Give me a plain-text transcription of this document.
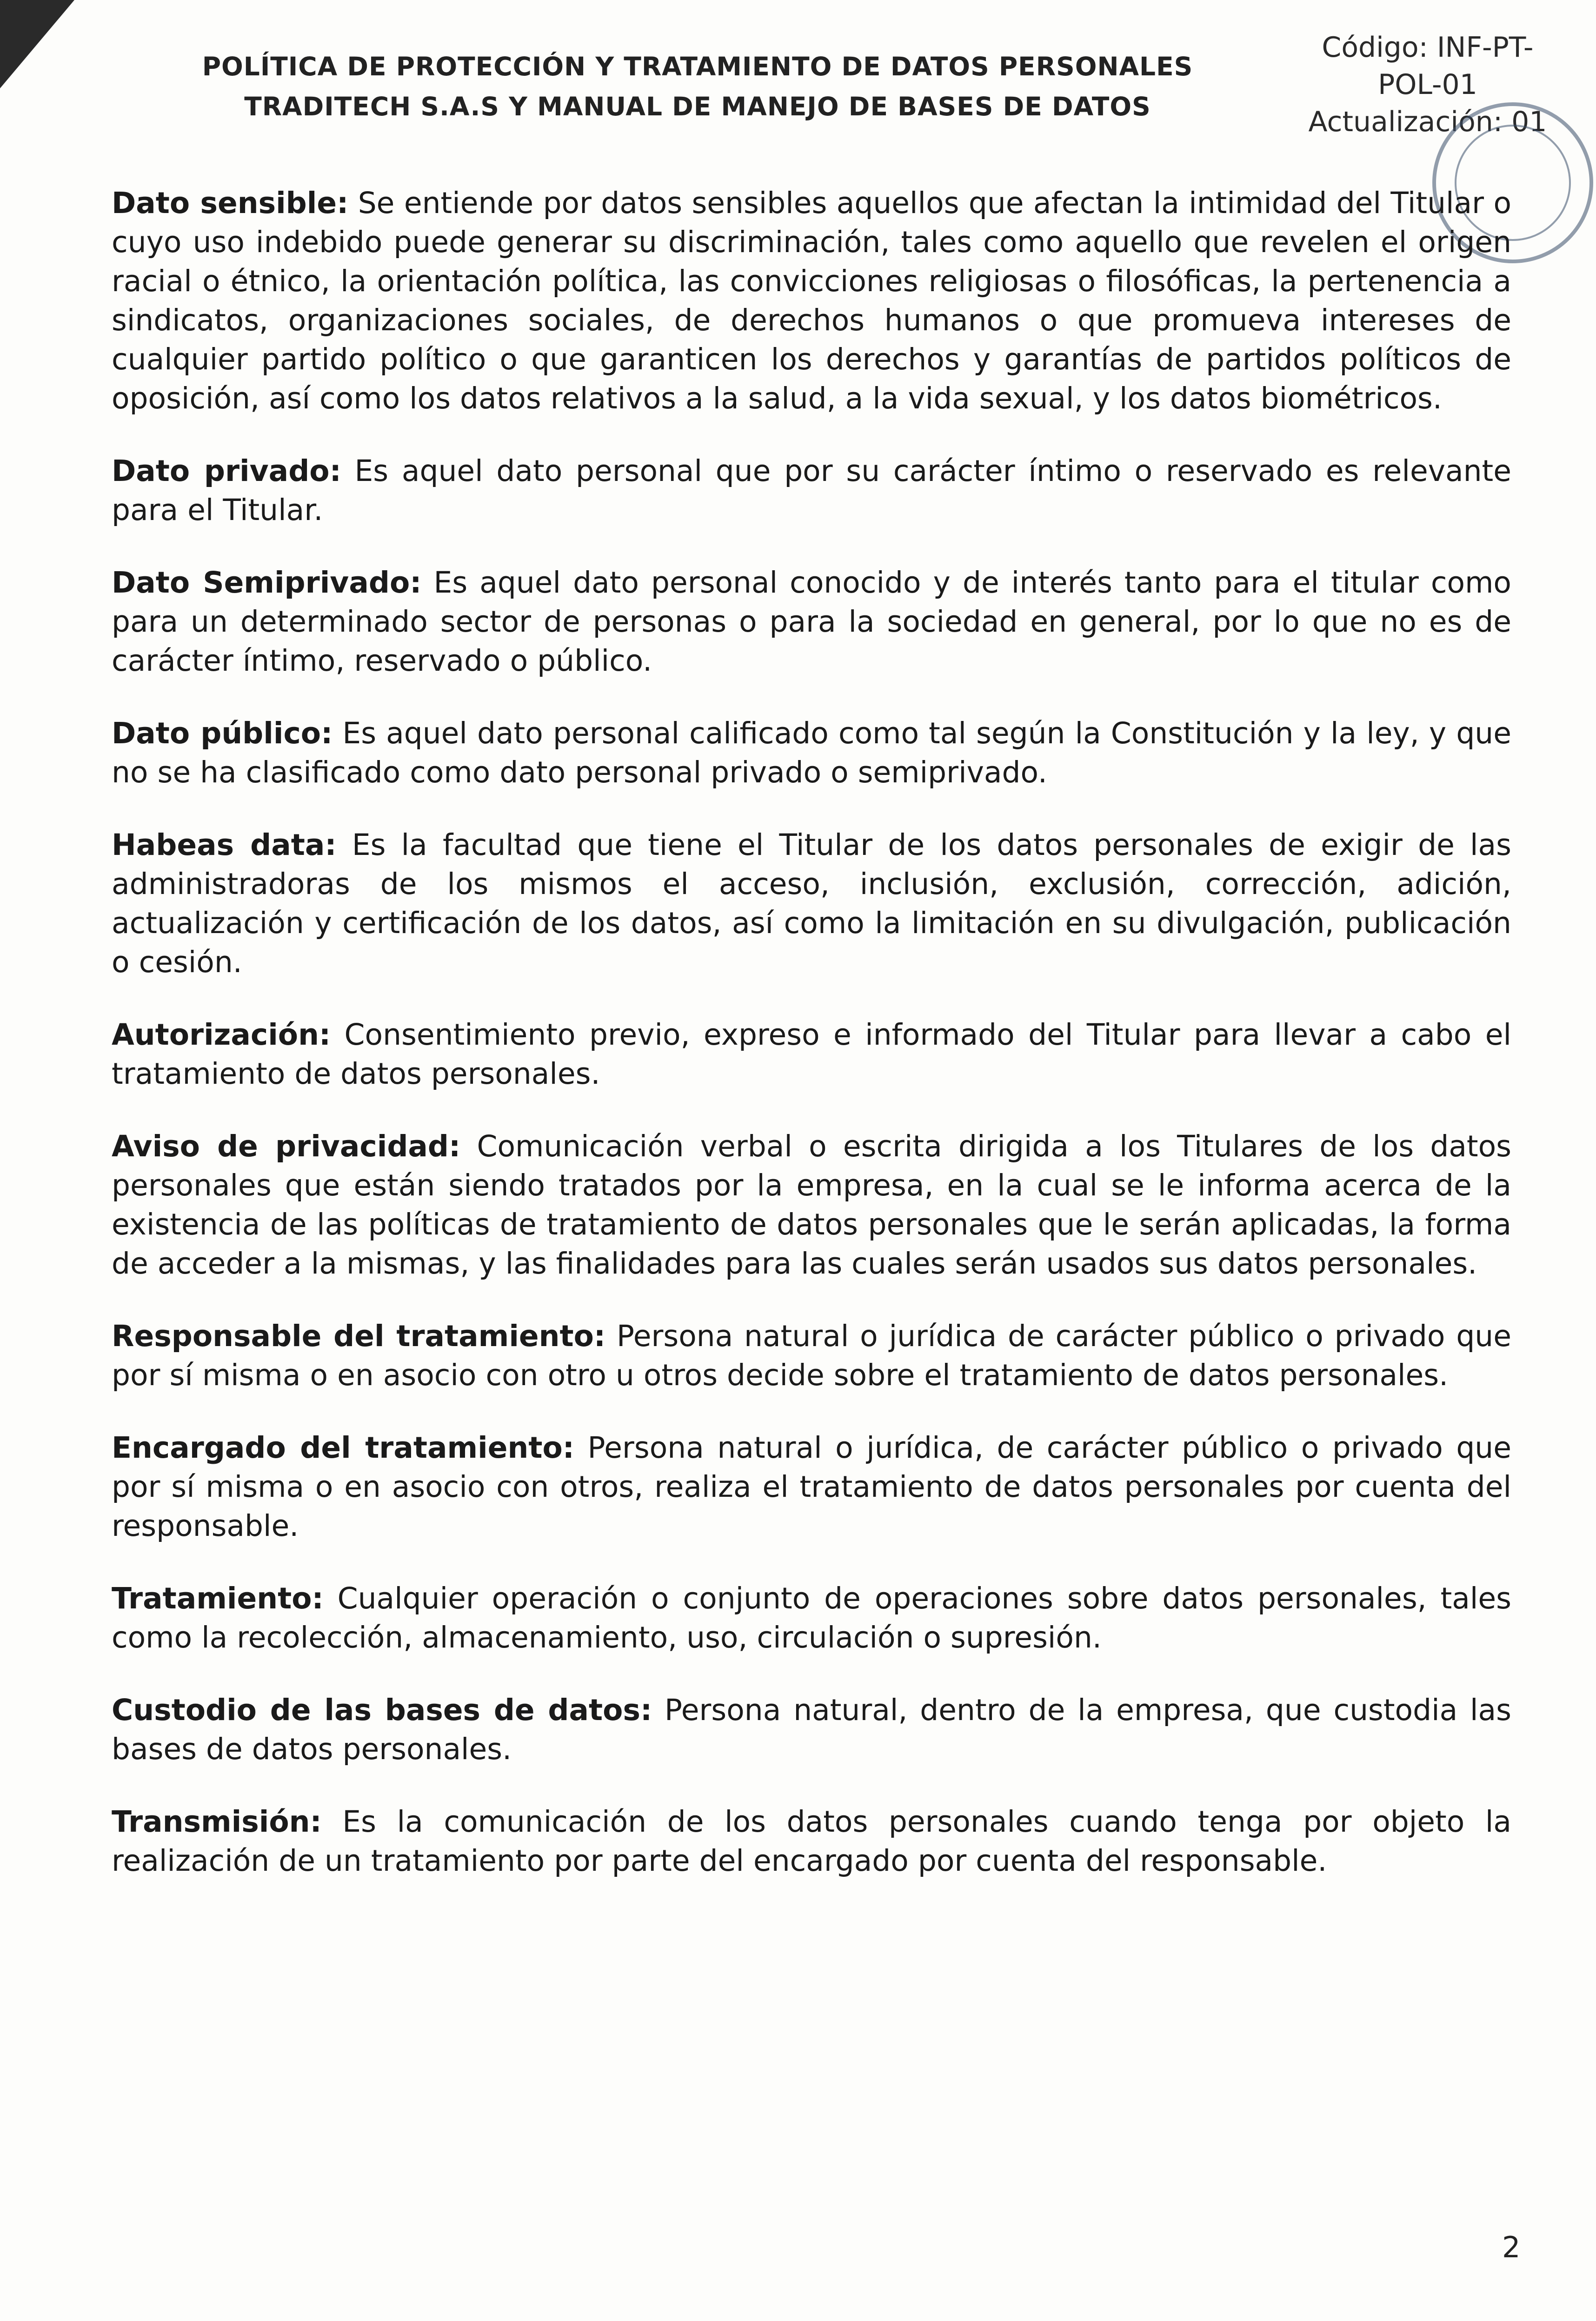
POLÍTICA DE PROTECCIÓN Y TRATAMIENTO DE DATOS PERSONALES
TRADITECH S.A.S Y MANUAL DE MANEJO DE BASES DE DATOS
Código: INF-PT-
POL-01
Actualización: 01

Dato sensible: Se entiende por datos sensibles aquellos que afectan la intimidad del Titular o cuyo uso indebido puede generar su discriminación, tales como aquello que revelen el origen racial o étnico, la orientación política, las convicciones religiosas o filosóficas, la pertenencia a sindicatos, organizaciones sociales, de derechos humanos o que promueva intereses de cualquier partido político o que garanticen los derechos y garantías de partidos políticos de oposición, así como los datos relativos a la salud, a la vida sexual, y los datos biométricos.

Dato privado: Es aquel dato personal que por su carácter íntimo o reservado es relevante para el Titular.

Dato Semiprivado: Es aquel dato personal conocido y de interés tanto para el titular como para un determinado sector de personas o para la sociedad en general, por lo que no es de carácter íntimo, reservado o público.

Dato público: Es aquel dato personal calificado como tal según la Constitución y la ley, y que no se ha clasificado como dato personal privado o semiprivado.

Habeas data: Es la facultad que tiene el Titular de los datos personales de exigir de las administradoras de los mismos el acceso, inclusión, exclusión, corrección, adición, actualización y certificación de los datos, así como la limitación en su divulgación, publicación o cesión.

Autorización: Consentimiento previo, expreso e informado del Titular para llevar a cabo el tratamiento de datos personales.

Aviso de privacidad: Comunicación verbal o escrita dirigida a los Titulares de los datos personales que están siendo tratados por la empresa, en la cual se le informa acerca de la existencia de las políticas de tratamiento de datos personales que le serán aplicadas, la forma de acceder a la mismas, y las finalidades para las cuales serán usados sus datos personales.

Responsable del tratamiento: Persona natural o jurídica de carácter público o privado que por sí misma o en asocio con otro u otros decide sobre el tratamiento de datos personales.

Encargado del tratamiento: Persona natural o jurídica, de carácter público o privado que por sí misma o en asocio con otros, realiza el tratamiento de datos personales por cuenta del responsable.

Tratamiento: Cualquier operación o conjunto de operaciones sobre datos personales, tales como la recolección, almacenamiento, uso, circulación o supresión.

Custodio de las bases de datos: Persona natural, dentro de la empresa, que custodia las bases de datos personales.

Transmisión: Es la comunicación de los datos personales cuando tenga por objeto la realización de un tratamiento por parte del encargado por cuenta del responsable.

2
